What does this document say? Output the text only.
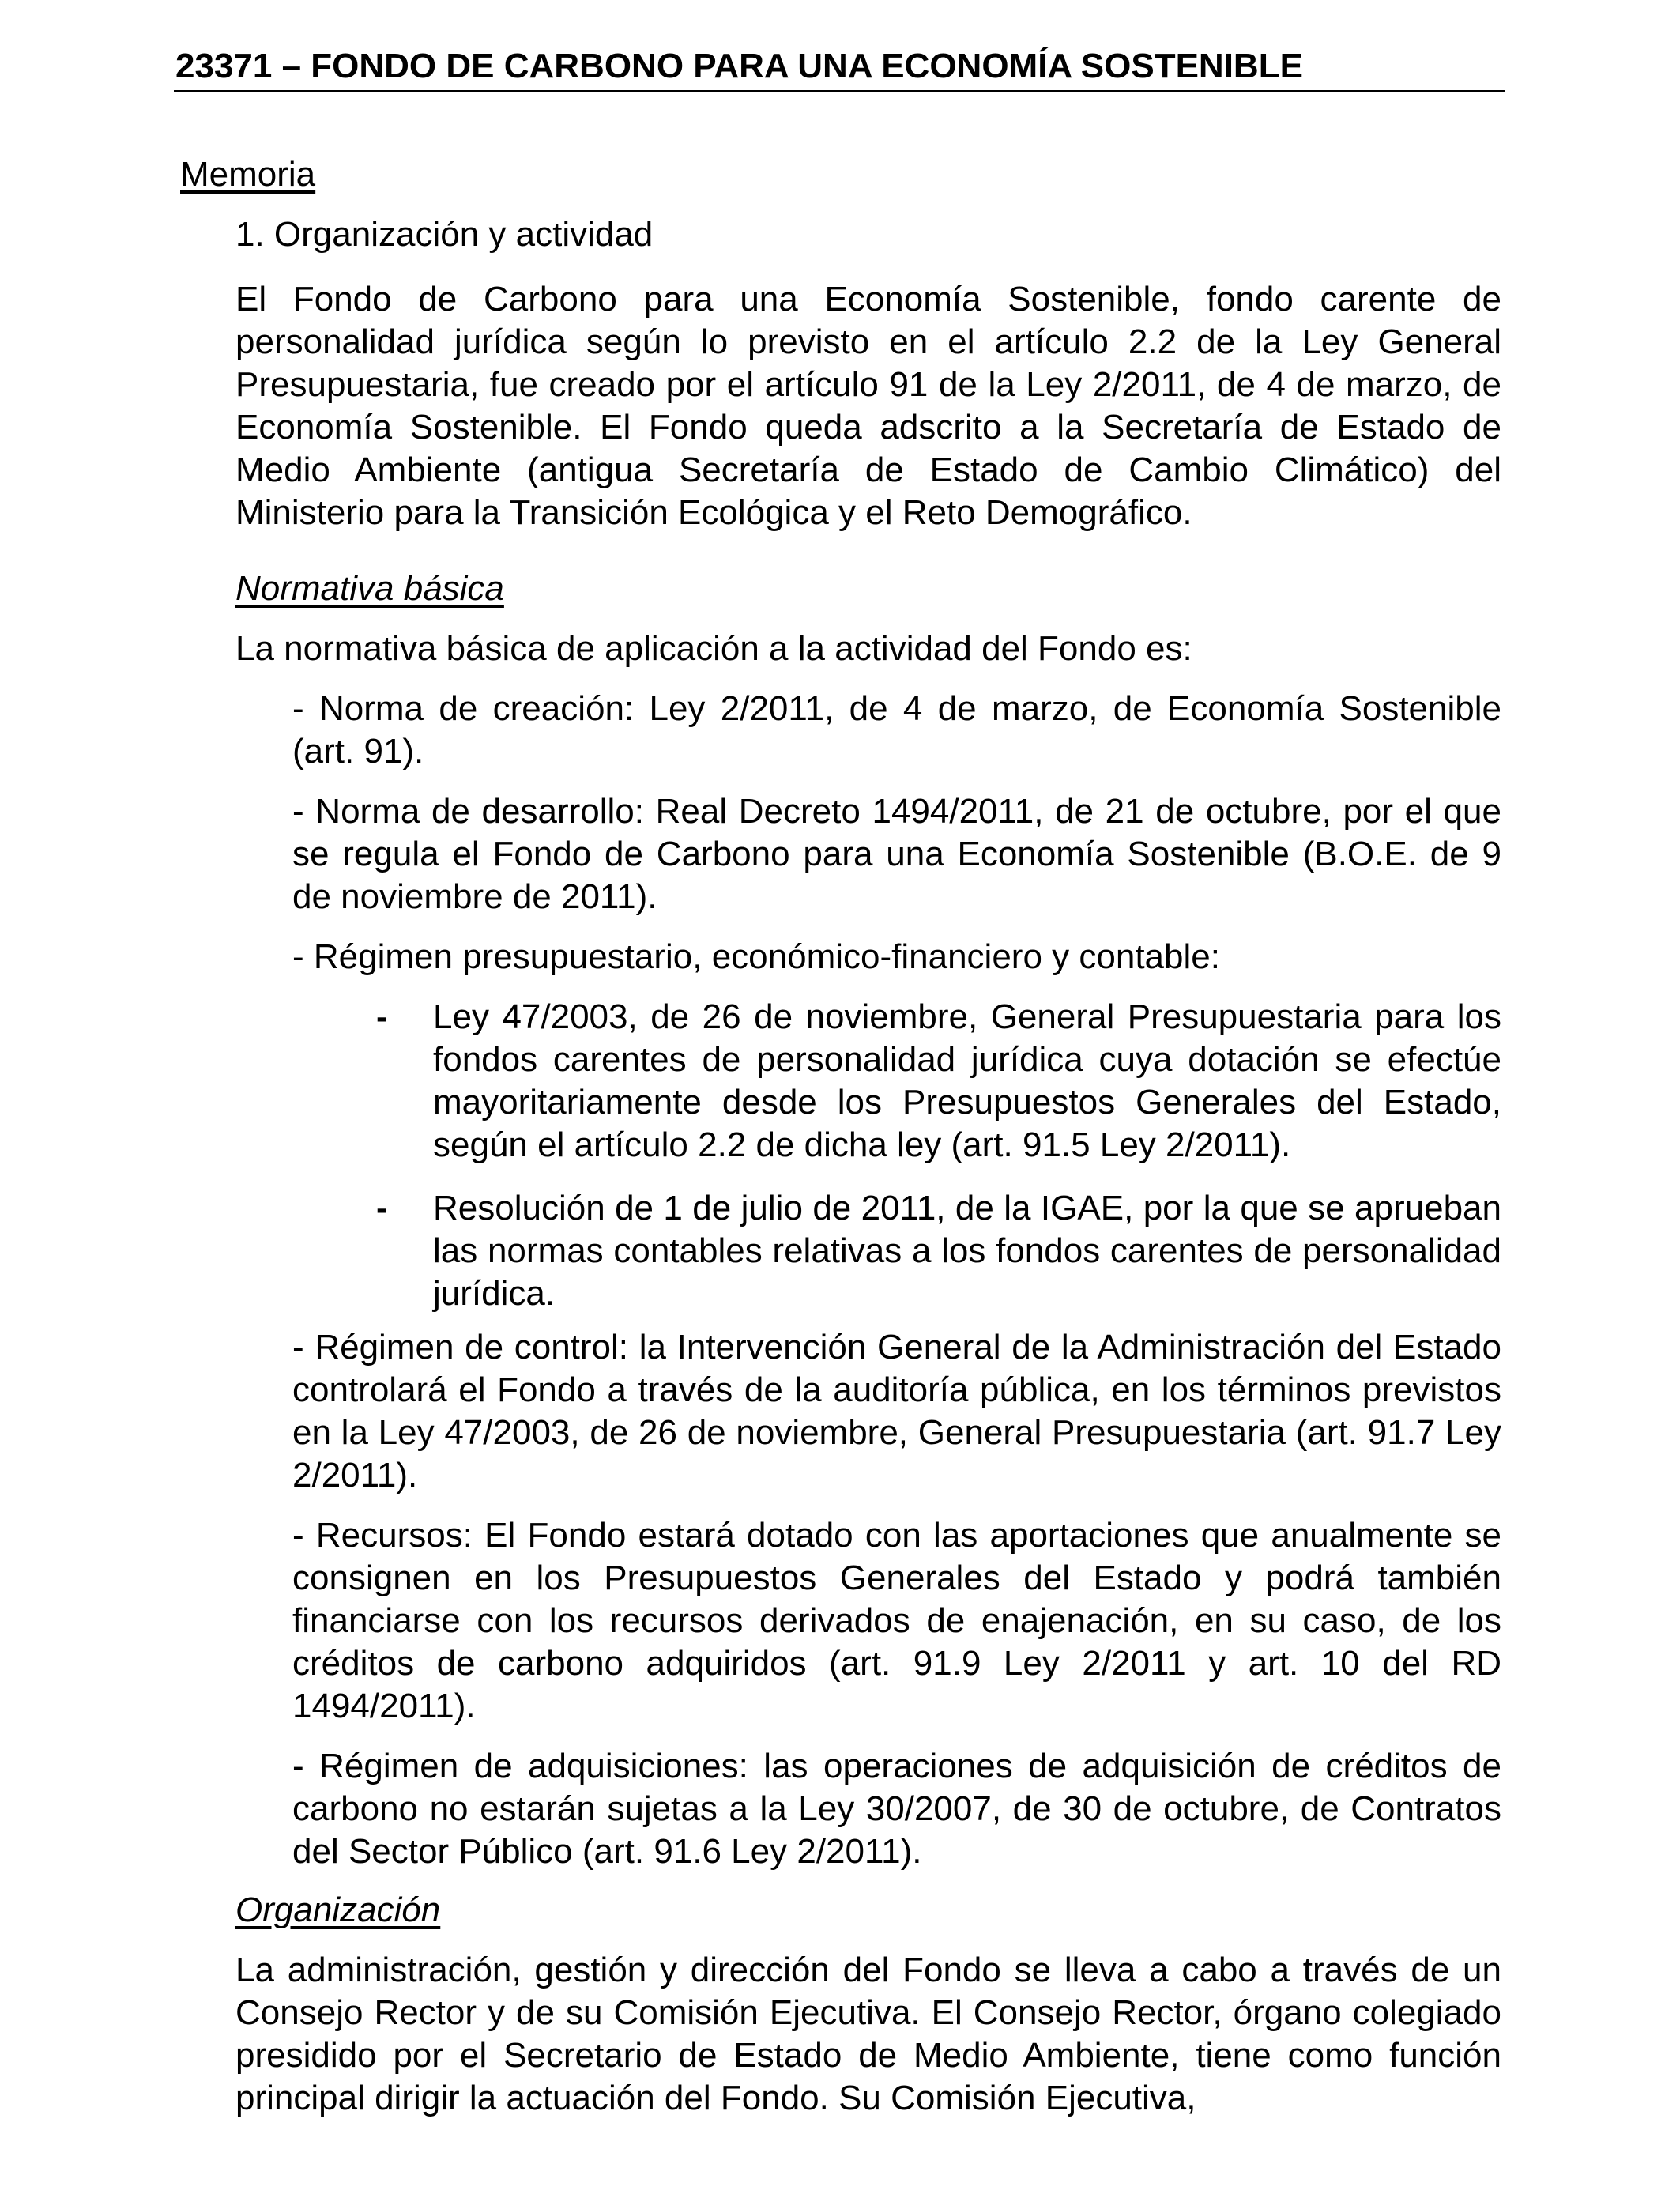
23371 – FONDO DE CARBONO PARA UNA ECONOMÍA SOSTENIBLE

Memoria

1. Organización y actividad

El Fondo de Carbono para una Economía Sostenible, fondo carente de personalidad jurídica según lo previsto en el artículo 2.2 de la Ley General Presupuestaria, fue creado por el artículo 91 de la Ley 2/2011, de 4 de marzo, de Economía Sostenible. El Fondo queda adscrito a la Secretaría de Estado de Medio Ambiente (antigua Secretaría de Estado de Cambio Climático) del Ministerio para la Transición Ecológica y el Reto Demográfico.

Normativa básica

La normativa básica de aplicación a la actividad del Fondo es:

- Norma de creación: Ley 2/2011, de 4 de marzo, de Economía Sostenible (art. 91).

- Norma de desarrollo: Real Decreto 1494/2011, de 21 de octubre, por el que se regula el Fondo de Carbono para una Economía Sostenible (B.O.E. de 9 de noviembre de 2011).

- Régimen presupuestario, económico-financiero y contable:

- Ley 47/2003, de 26 de noviembre, General Presupuestaria para los fondos carentes de personalidad jurídica cuya dotación se efectúe mayoritariamente desde los Presupuestos Generales del Estado, según el artículo 2.2 de dicha ley (art. 91.5 Ley 2/2011).

- Resolución de 1 de julio de 2011, de la IGAE, por la que se aprueban las normas contables relativas a los fondos carentes de personalidad jurídica.

- Régimen de control: la Intervención General de la Administración del Estado controlará el Fondo a través de la auditoría pública, en los términos previstos en la Ley 47/2003, de 26 de noviembre, General Presupuestaria (art. 91.7 Ley 2/2011).

- Recursos: El Fondo estará dotado con las aportaciones que anualmente se consignen en los Presupuestos Generales del Estado y podrá también financiarse con los recursos derivados de enajenación, en su caso, de los créditos de carbono adquiridos (art. 91.9 Ley 2/2011 y art. 10 del RD 1494/2011).

- Régimen de adquisiciones: las operaciones de adquisición de créditos de carbono no estarán sujetas a la Ley 30/2007, de 30 de octubre, de Contratos del Sector Público (art. 91.6 Ley 2/2011).

Organización

La administración, gestión y dirección del Fondo se lleva a cabo a través de un Consejo Rector y de su Comisión Ejecutiva. El Consejo Rector, órgano colegiado presidido por el Secretario de Estado de Medio Ambiente, tiene como función principal dirigir la actuación del Fondo. Su Comisión Ejecutiva,
